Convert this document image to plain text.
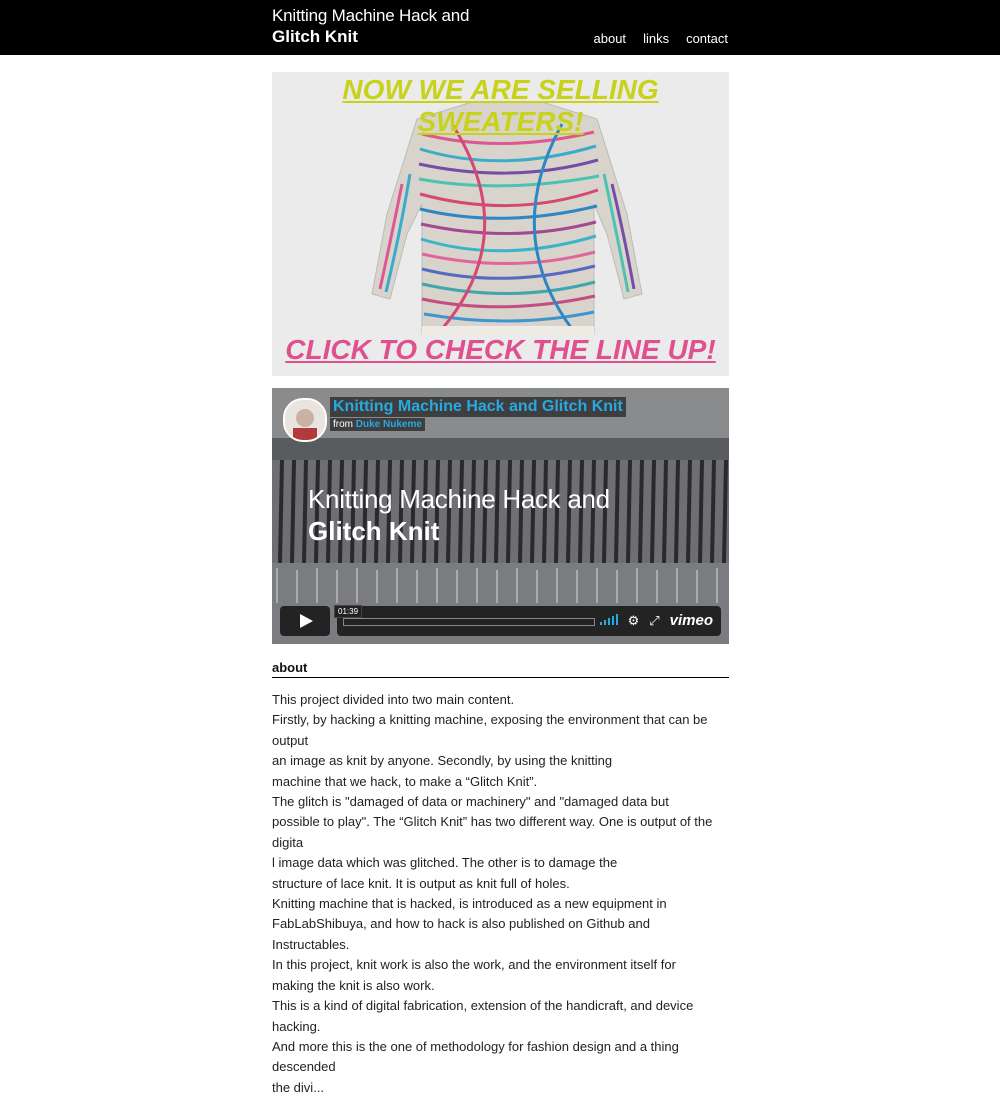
Knitting Machine Hack and
Glitch Knit	about links contact
NOW WE ARE SELLING
SWEATERS!
CLICK TO CHECK THE LINE UP!
Knitting Machine Hack and Glitch Knit
from Duke Nukeme
Knitting Machine Hack and
Glitch Knit
01:39
⚙ ⤢ vimeo
about

This project divided into two main content.

Firstly, by hacking a knitting machine, exposing the environment that can be output

an image as knit by anyone. Secondly, by using the knitting

machine that we hack, to make a “Glitch Knit”.

The glitch is "damaged of data or machinery" and "damaged data but

possible to play". The “Glitch Knit” has two different way. One is output of the digita

l image data which was glitched. The other is to damage the

structure of lace knit. It is output as knit full of holes.

Knitting machine that is hacked, is introduced as a new equipment in

FabLabShibuya, and how to hack is also published on Github and

Instructables.

In this project, knit work is also the work, and the environment itself for

making the knit is also work.

This is a kind of digital fabrication, extension of the handicraft, and device hacking.

And more this is the one of methodology for fashion design and a thing descended

the divi...
